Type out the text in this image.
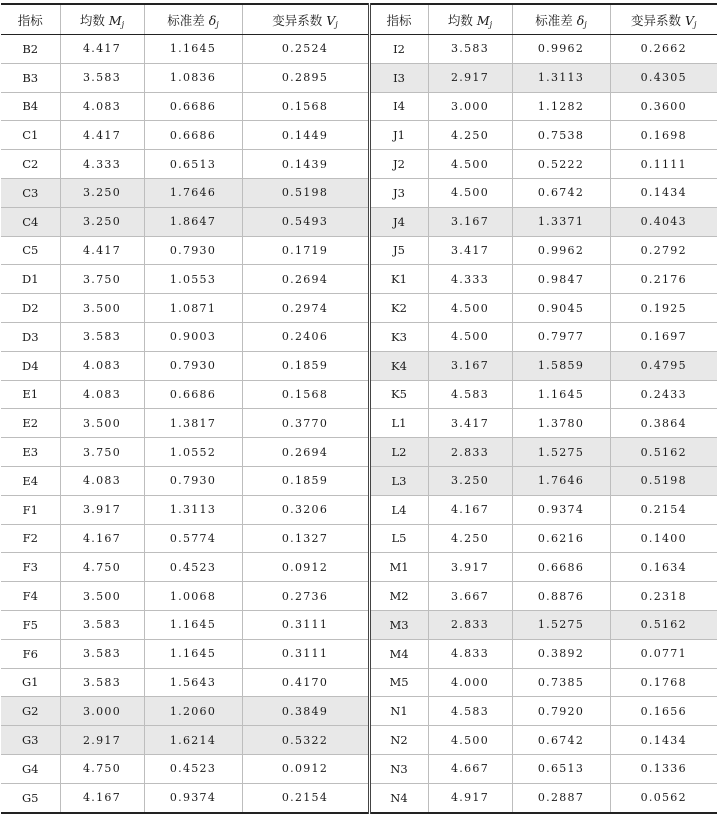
指标	均数 $M_j$	标准差 $\delta_j$	变异系数 $V_j$	指标	均数 $M_j$	标准差 $\delta_j$	变异系数 $V_j$
B2	4.417	1.1645	0.2524	I2	3.583	0.9962	0.2662
B3	3.583	1.0836	0.2895	I3	2.917	1.3113	0.4305
B4	4.083	0.6686	0.1568	I4	3.000	1.1282	0.3600
C1	4.417	0.6686	0.1449	J1	4.250	0.7538	0.1698
C2	4.333	0.6513	0.1439	J2	4.500	0.5222	0.1111
C3	3.250	1.7646	0.5198	J3	4.500	0.6742	0.1434
C4	3.250	1.8647	0.5493	J4	3.167	1.3371	0.4043
C5	4.417	0.7930	0.1719	J5	3.417	0.9962	0.2792
D1	3.750	1.0553	0.2694	K1	4.333	0.9847	0.2176
D2	3.500	1.0871	0.2974	K2	4.500	0.9045	0.1925
D3	3.583	0.9003	0.2406	K3	4.500	0.7977	0.1697
D4	4.083	0.7930	0.1859	K4	3.167	1.5859	0.4795
E1	4.083	0.6686	0.1568	K5	4.583	1.1645	0.2433
E2	3.500	1.3817	0.3770	L1	3.417	1.3780	0.3864
E3	3.750	1.0552	0.2694	L2	2.833	1.5275	0.5162
E4	4.083	0.7930	0.1859	L3	3.250	1.7646	0.5198
F1	3.917	1.3113	0.3206	L4	4.167	0.9374	0.2154
F2	4.167	0.5774	0.1327	L5	4.250	0.6216	0.1400
F3	4.750	0.4523	0.0912	M1	3.917	0.6686	0.1634
F4	3.500	1.0068	0.2736	M2	3.667	0.8876	0.2318
F5	3.583	1.1645	0.3111	M3	2.833	1.5275	0.5162
F6	3.583	1.1645	0.3111	M4	4.833	0.3892	0.0771
G1	3.583	1.5643	0.4170	M5	4.000	0.7385	0.1768
G2	3.000	1.2060	0.3849	N1	4.583	0.7920	0.1656
G3	2.917	1.6214	0.5322	N2	4.500	0.6742	0.1434
G4	4.750	0.4523	0.0912	N3	4.667	0.6513	0.1336
G5	4.167	0.9374	0.2154	N4	4.917	0.2887	0.0562
